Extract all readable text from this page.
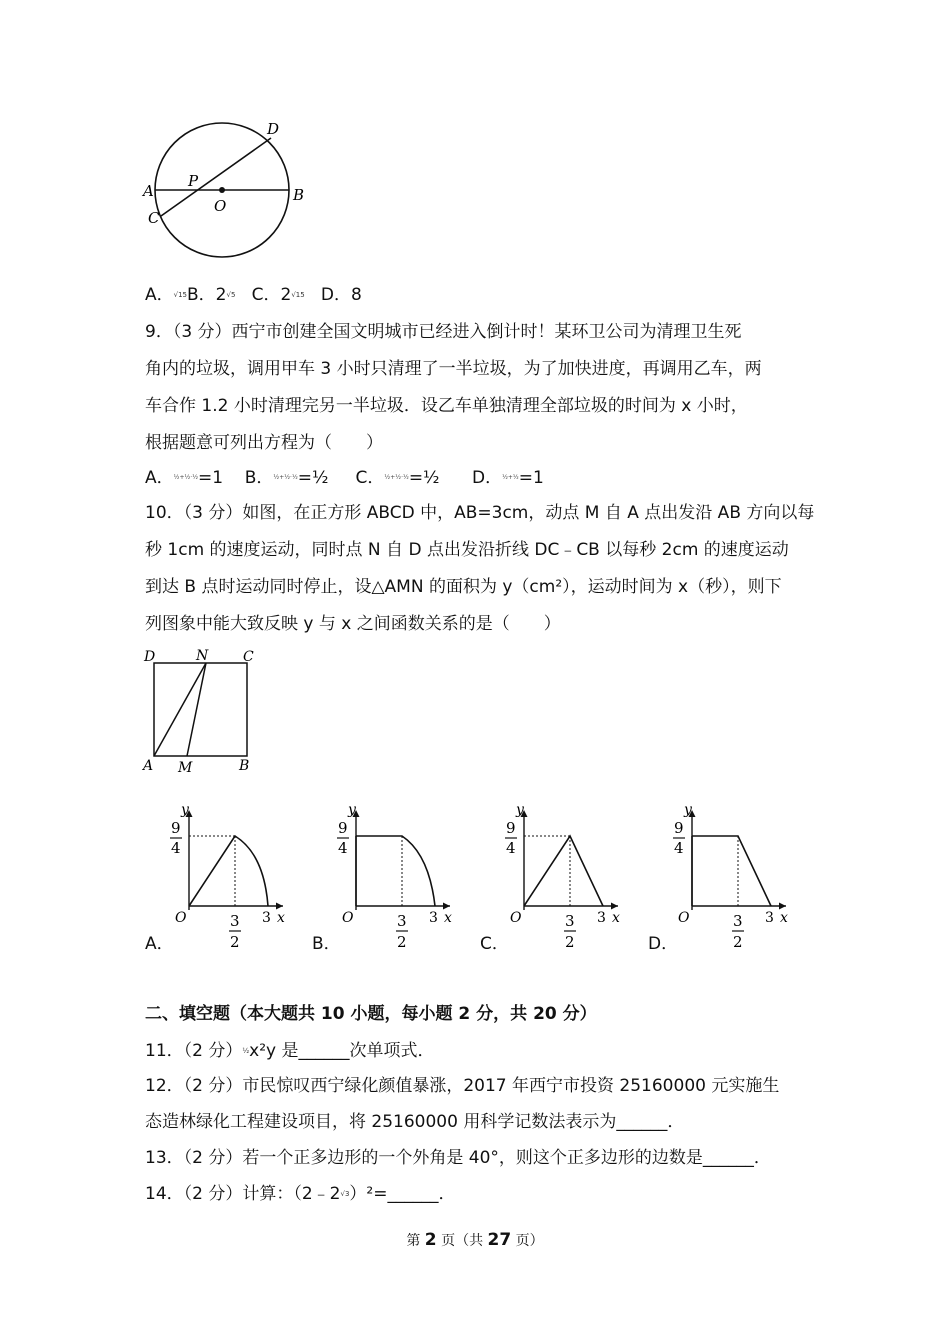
A	B
C
D
O
P
A．√15B．2√5 C．2√15 D．8
9．（3 分）西宁市创建全国文明城市已经进入倒计时！某环卫公司为清理卫生死
角内的垃圾，调用甲车 3 小时只清理了一半垃圾，为了加快进度，再调用乙车，两
车合作 1.2 小时清理完另一半垃圾．设乙车单独清理全部垃圾的时间为 x 小时，
根据题意可列出方程为（　　）
A．½+½·½=1 B．½+½·½=½ C．½+½·½=½ D．½+½=1
10．（3 分）如图，在正方形 ABCD 中，AB=3cm，动点 M 自 A 点出发沿 AB 方向以每
秒 1cm 的速度运动，同时点 N 自 D 点出发沿折线 DC﹣CB 以每秒 2cm 的速度运动
到达 B 点时运动同时停止，设△AMN 的面积为 y（cm²），运动时间为 x（秒），则下
列图象中能大致反映 y 与 x 之间函数关系的是（　　）
D	N C
A M	B
A．
y
x
O	3
9
4
3
2	B．
y
x
O	3
9
4
3
2	C．
y
x
O	3
9
4
3
2	D．
y
x
O	3
9
4
3
2
二、填空题（本大题共 10 小题，每小题 2 分，共 20 分）
11．（2 分）½x²y 是______次单项式．
12．（2 分）市民惊叹西宁绿化颜值暴涨，2017 年西宁市投资 25160000 元实施生
态造林绿化工程建设项目，将 25160000 用科学记数法表示为______．
13．（2 分）若一个正多边形的一个外角是 40°，则这个正多边形的边数是______．
14．（2 分）计算：（2﹣2√3）²=______．
第 2 页（共 27 页）
